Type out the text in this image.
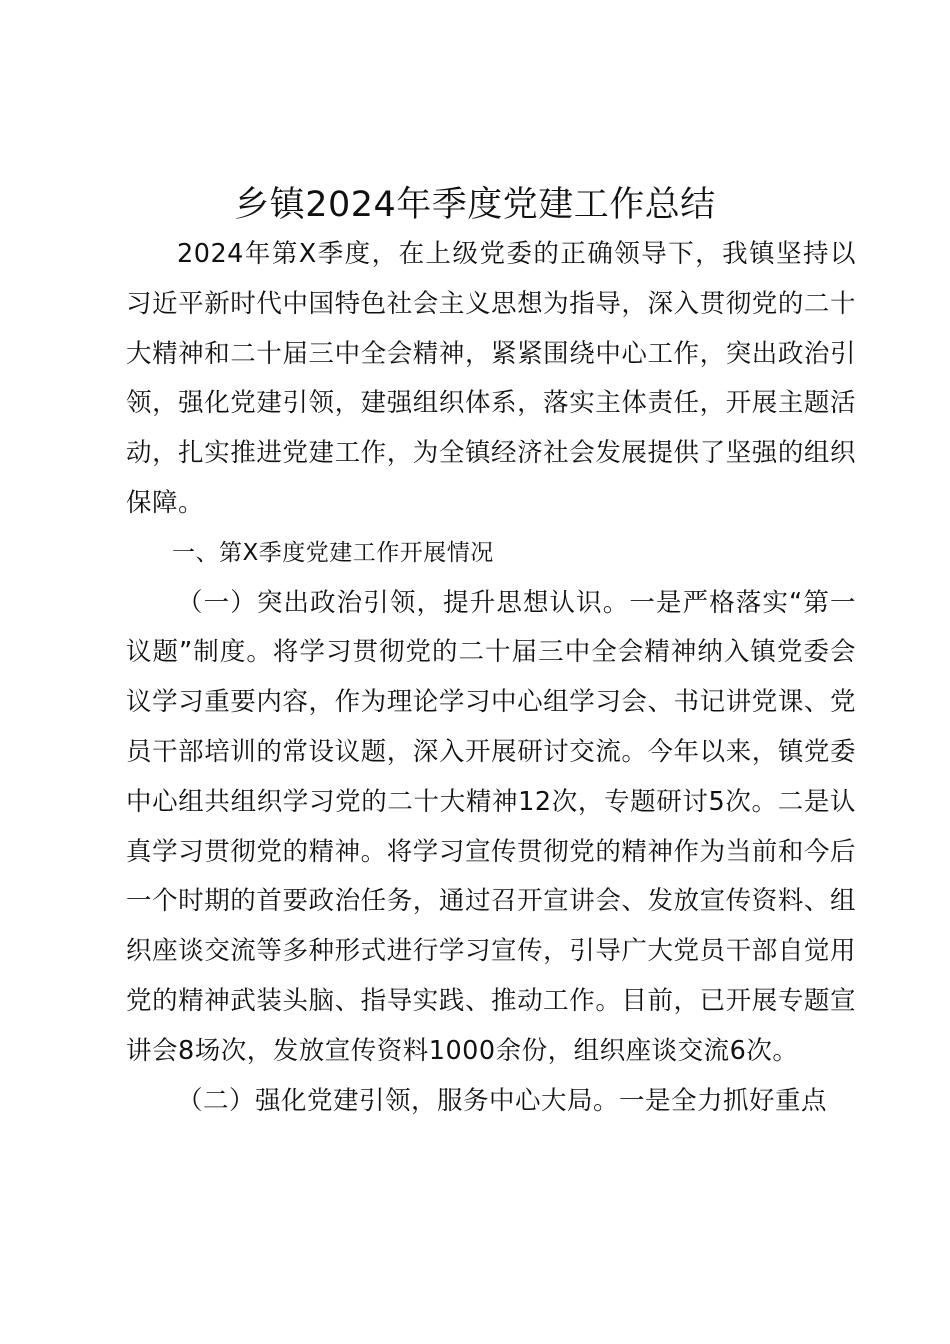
乡镇2024年季度党建工作总结

2024年第X季度，在上级党委的正确领导下，我镇坚持以习近平新时代中国特色社会主义思想为指导，深入贯彻党的二十大精神和二十届三中全会精神，紧紧围绕中心工作，突出政治引领，强化党建引领，建强组织体系，落实主体责任，开展主题活动，扎实推进党建工作，为全镇经济社会发展提供了坚强的组织保障。

一、第X季度党建工作开展情况

（一）突出政治引领，提升思想认识。一是严格落实“第一议题”制度。将学习贯彻党的二十届三中全会精神纳入镇党委会议学习重要内容，作为理论学习中心组学习会、书记讲党课、党员干部培训的常设议题，深入开展研讨交流。今年以来，镇党委中心组共组织学习党的二十大精神12次，专题研讨5次。二是认真学习贯彻党的精神。将学习宣传贯彻党的精神作为当前和今后一个时期的首要政治任务，通过召开宣讲会、发放宣传资料、组织座谈交流等多种形式进行学习宣传，引导广大党员干部自觉用党的精神武装头脑、指导实践、推动工作。目前，已开展专题宣讲会8场次，发放宣传资料1000余份，组织座谈交流6次。

（二）强化党建引领，服务中心大局。一是全力抓好重点
